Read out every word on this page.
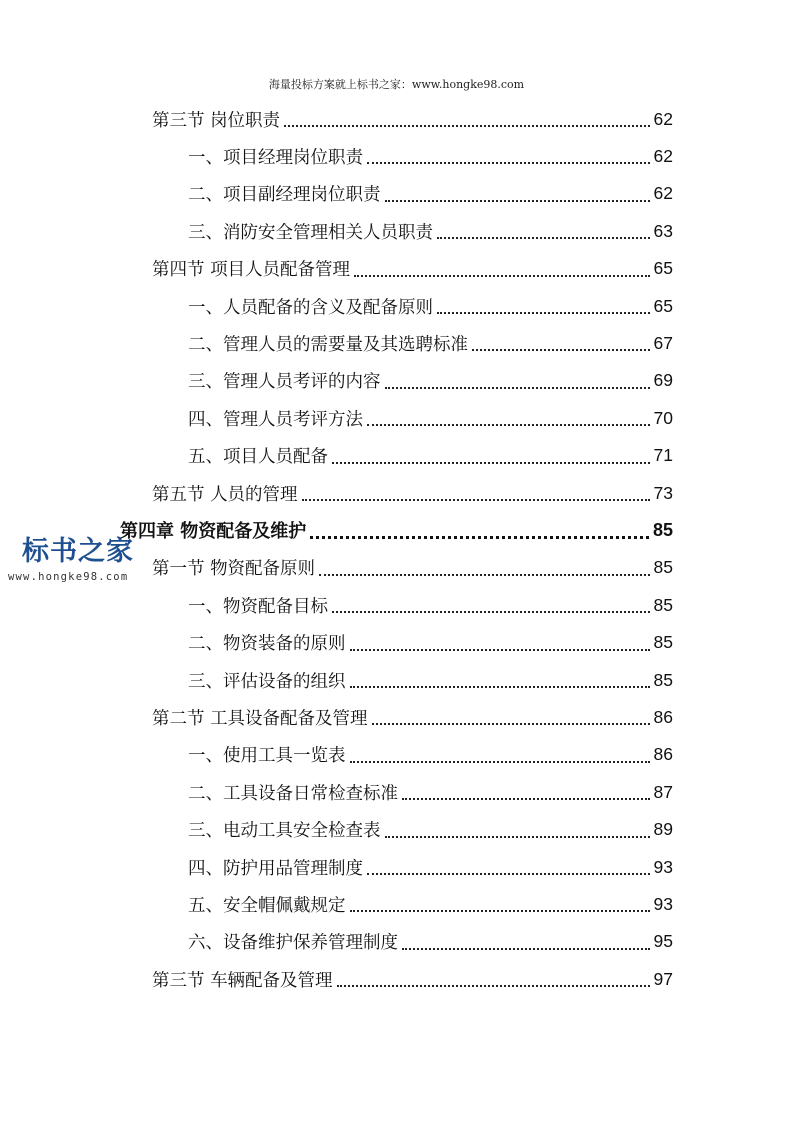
海量投标方案就上标书之家：www.hongke98.com
标书之家
www.hongke98.com
第三节 岗位职责	62
一、项目经理岗位职责	62
二、项目副经理岗位职责	62
三、消防安全管理相关人员职责	63
第四节 项目人员配备管理	65
一、人员配备的含义及配备原则	65
二、管理人员的需要量及其选聘标准	67
三、管理人员考评的内容	69
四、管理人员考评方法	70
五、项目人员配备	71
第五节 人员的管理	73
第四章 物资配备及维护	85
第一节 物资配备原则	85
一、物资配备目标	85
二、物资装备的原则	85
三、评估设备的组织	85
第二节 工具设备配备及管理	86
一、使用工具一览表	86
二、工具设备日常检查标准	87
三、电动工具安全检查表	89
四、防护用品管理制度	93
五、安全帽佩戴规定	93
六、设备维护保养管理制度	95
第三节 车辆配备及管理	97
